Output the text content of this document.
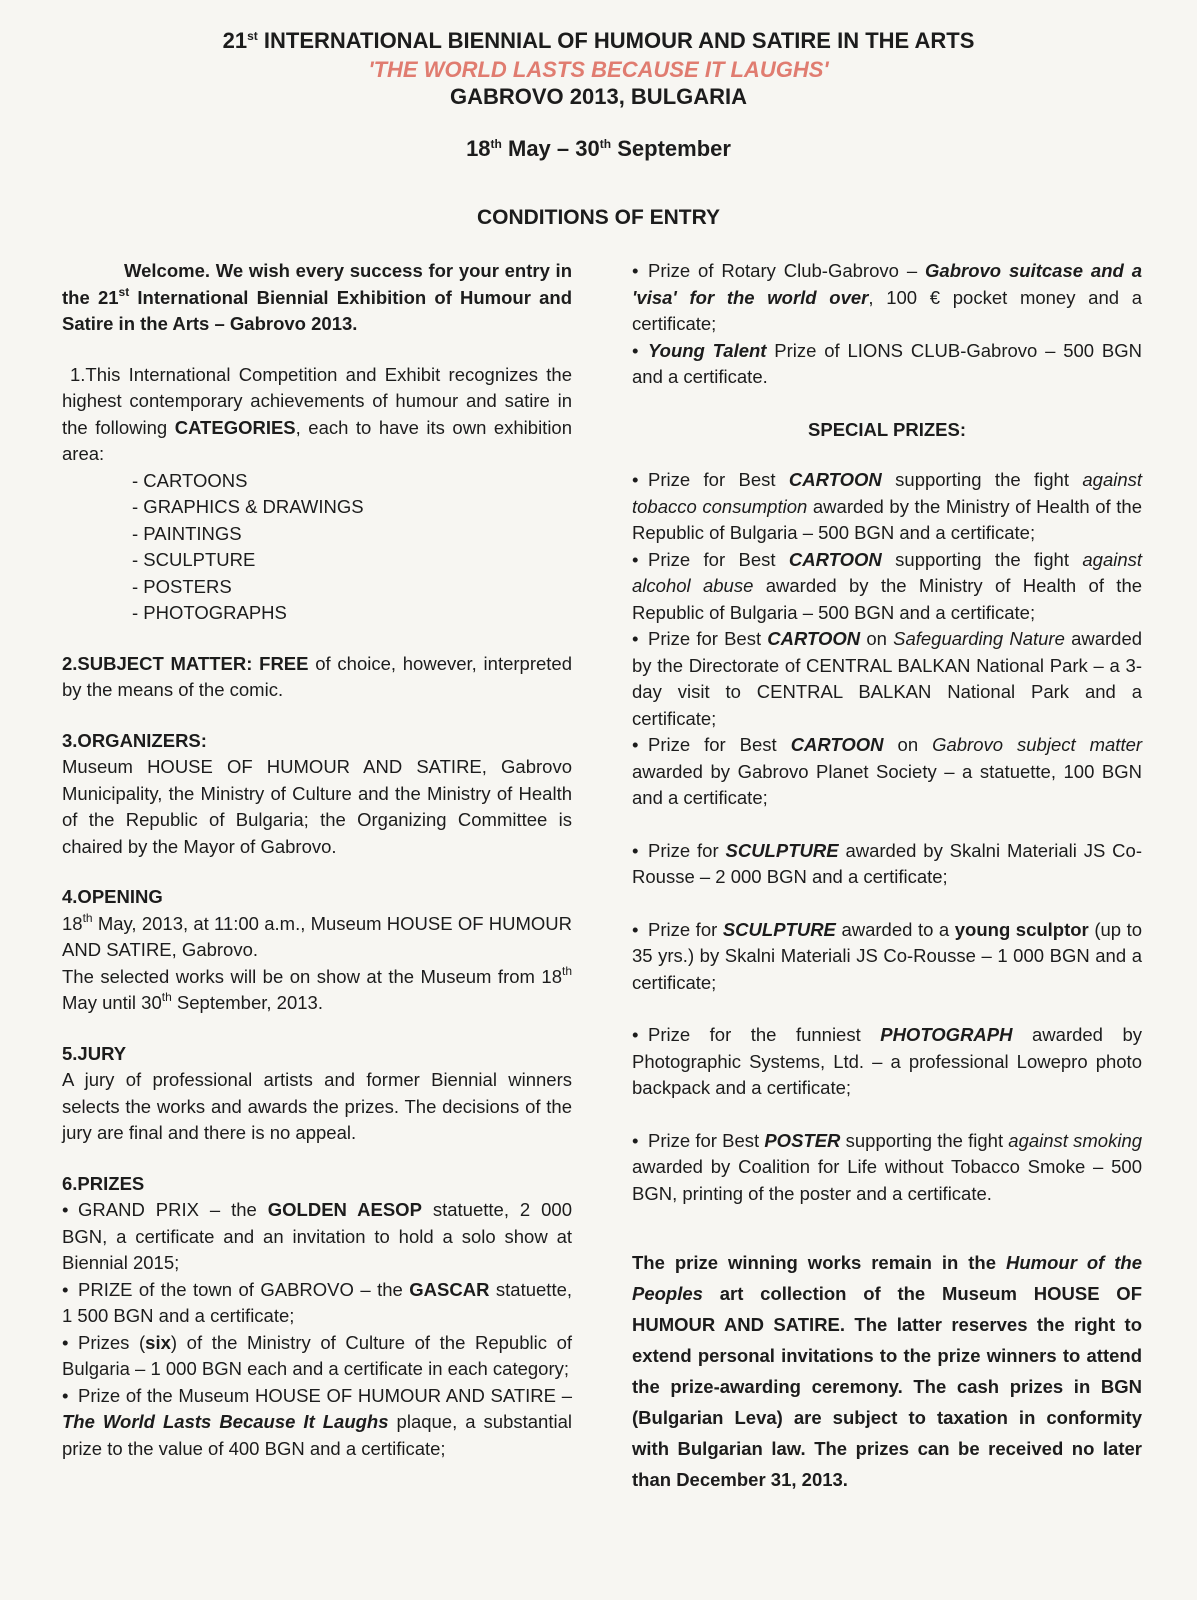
21st INTERNATIONAL BIENNIAL OF HUMOUR AND SATIRE IN THE ARTS
'THE WORLD LASTS BECAUSE IT LAUGHS'
GABROVO 2013, BULGARIA
18th May – 30th September
CONDITIONS OF ENTRY

Welcome. We wish every success for your entry in the 21st International Biennial Exhibition of Humour and Satire in the Arts – Gabrovo 2013.

1.This International Competition and Exhibit recognizes the highest contemporary achievements of humour and satire in the following CATEGORIES, each to have its own exhibition area:

- CARTOONS
- GRAPHICS & DRAWINGS
- PAINTINGS
- SCULPTURE
- POSTERS
- PHOTOGRAPHS

2.SUBJECT MATTER: FREE of choice, however, interpreted by the means of the comic.

3.ORGANIZERS:

Museum HOUSE OF HUMOUR AND SATIRE, Gabrovo Municipality, the Ministry of Culture and the Ministry of Health of the Republic of Bulgaria; the Organizing Committee is chaired by the Mayor of Gabrovo.

4.OPENING

18th May, 2013, at 11:00 a.m., Museum HOUSE OF HUMOUR AND SATIRE, Gabrovo.

The selected works will be on show at the Museum from 18th May until 30th September, 2013.

5.JURY

A jury of professional artists and former Biennial winners selects the works and awards the prizes. The decisions of the jury are final and there is no appeal.

6.PRIZES

• GRAND PRIX – the GOLDEN AESOP statuette, 2 000 BGN, a certificate and an invitation to hold a solo show at Biennial 2015;

• PRIZE of the town of GABROVO – the GASCAR statuette, 1 500 BGN and a certificate;

• Prizes (six) of the Ministry of Culture of the Republic of Bulgaria – 1 000 BGN each and a certificate in each category;

• Prize of the Museum HOUSE OF HUMOUR AND SATIRE – The World Lasts Because It Laughs plaque, a substantial prize to the value of 400 BGN and a certificate;

• Prize of Rotary Club-Gabrovo – Gabrovo suitcase and a 'visa' for the world over, 100 € pocket money and a certificate;

• Young Talent Prize of LIONS CLUB-Gabrovo – 500 BGN and a certificate.

SPECIAL PRIZES:

• Prize for Best CARTOON supporting the fight against tobacco consumption awarded by the Ministry of Health of the Republic of Bulgaria – 500 BGN and a certificate;

• Prize for Best CARTOON supporting the fight against alcohol abuse awarded by the Ministry of Health of the Republic of Bulgaria – 500 BGN and a certificate;

• Prize for Best CARTOON on Safeguarding Nature awarded by the Directorate of CENTRAL BALKAN National Park – a 3-day visit to CENTRAL BALKAN National Park and a certificate;

• Prize for Best CARTOON on Gabrovo subject matter awarded by Gabrovo Planet Society – a statuette, 100 BGN and a certificate;

• Prize for SCULPTURE awarded by Skalni Materiali JS Co-Rousse – 2 000 BGN and a certificate;

• Prize for SCULPTURE awarded to a young sculptor (up to 35 yrs.) by Skalni Materiali JS Co-Rousse – 1 000 BGN and a certificate;

• Prize for the funniest PHOTOGRAPH awarded by Photographic Systems, Ltd. – a professional Lowepro photo backpack and a certificate;

• Prize for Best POSTER supporting the fight against smoking awarded by Coalition for Life without Tobacco Smoke – 500 BGN, printing of the poster and a certificate.

The prize winning works remain in the Humour of the Peoples art collection of the Museum HOUSE OF HUMOUR AND SATIRE. The latter reserves the right to extend personal invitations to the prize winners to attend the prize-awarding ceremony. The cash prizes in BGN (Bulgarian Leva) are subject to taxation in conformity with Bulgarian law. The prizes can be received no later than December 31, 2013.
